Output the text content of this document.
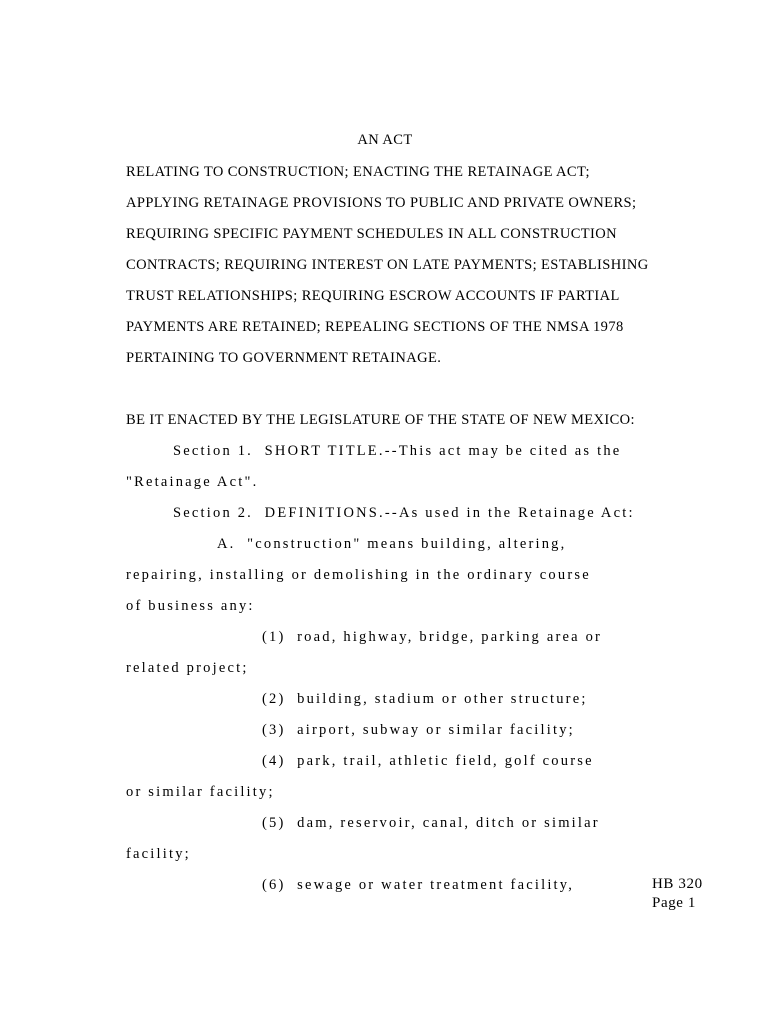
AN ACT
RELATING TO CONSTRUCTION; ENACTING THE RETAINAGE ACT;
APPLYING RETAINAGE PROVISIONS TO PUBLIC AND PRIVATE OWNERS;
REQUIRING SPECIFIC PAYMENT SCHEDULES IN ALL CONSTRUCTION
CONTRACTS; REQUIRING INTEREST ON LATE PAYMENTS; ESTABLISHING
TRUST RELATIONSHIPS; REQUIRING ESCROW ACCOUNTS IF PARTIAL
PAYMENTS ARE RETAINED; REPEALING SECTIONS OF THE NMSA 1978
PERTAINING TO GOVERNMENT RETAINAGE.
BE IT ENACTED BY THE LEGISLATURE OF THE STATE OF NEW MEXICO:
Section 1.  SHORT TITLE.--This act may be cited as the
"Retainage Act".
Section 2.  DEFINITIONS.--As used in the Retainage Act:
A.  "construction" means building, altering,
repairing, installing or demolishing in the ordinary course
of business any:
(1)  road, highway, bridge, parking area or
related project;
(2)  building, stadium or other structure;
(3)  airport, subway or similar facility;
(4)  park, trail, athletic field, golf course
or similar facility;
(5)  dam, reservoir, canal, ditch or similar
facility;
(6)  sewage or water treatment facility,	HB 320
Page 1
